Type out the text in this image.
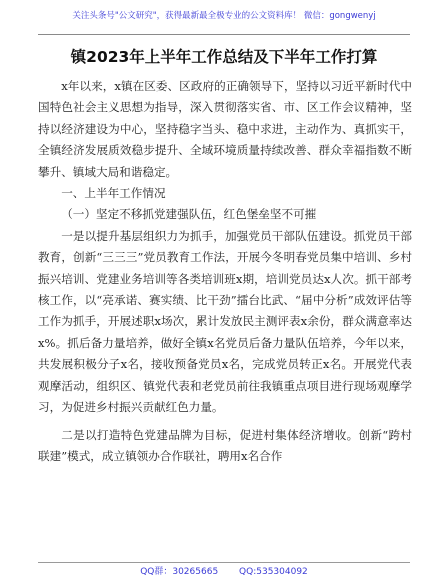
关注头条号"公文研究"，获得最新最全极专业的公文资料库！ 微信：gongwenyj
镇2023年上半年工作总结及下半年工作打算

x年以来，x镇在区委、区政府的正确领导下，坚持以习近平新时代中国特色社会主义思想为指导，深入贯彻落实省、市、区工作会议精神，坚持以经济建设为中心，坚持稳字当头、稳中求进，主动作为、真抓实干，全镇经济发展质效稳步提升、全域环境质量持续改善、群众幸福指数不断攀升、镇域大局和谐稳定。

一、上半年工作情况

（一）坚定不移抓党建强队伍，红色堡垒坚不可摧

一是以提升基层组织力为抓手，加强党员干部队伍建设。抓党员干部教育，创新“三三三”党员教育工作法，开展今冬明春党员集中培训、乡村振兴培训、党建业务培训等各类培训班x期，培训党员达x人次。抓干部考核工作，以“亮承诺、赛实绩、比干劲”擂台比武、“届中分析”成效评估等工作为抓手，开展述职x场次，累计发放民主测评表x余份，群众满意率达x%。抓后备力量培养，做好全镇x名党员后备力量队伍培养，今年以来，共发展积极分子x名，接收预备党员x名，完成党员转正x名。开展党代表观摩活动，组织区、镇党代表和老党员前往我镇重点项目进行现场观摩学习，为促进乡村振兴贡献红色力量。

二是以打造特色党建品牌为目标，促进村集体经济增收。创新“跨村联建”模式，成立镇领办合作联社，聘用x名合作

QQ群：30265665 QQ:535304092
